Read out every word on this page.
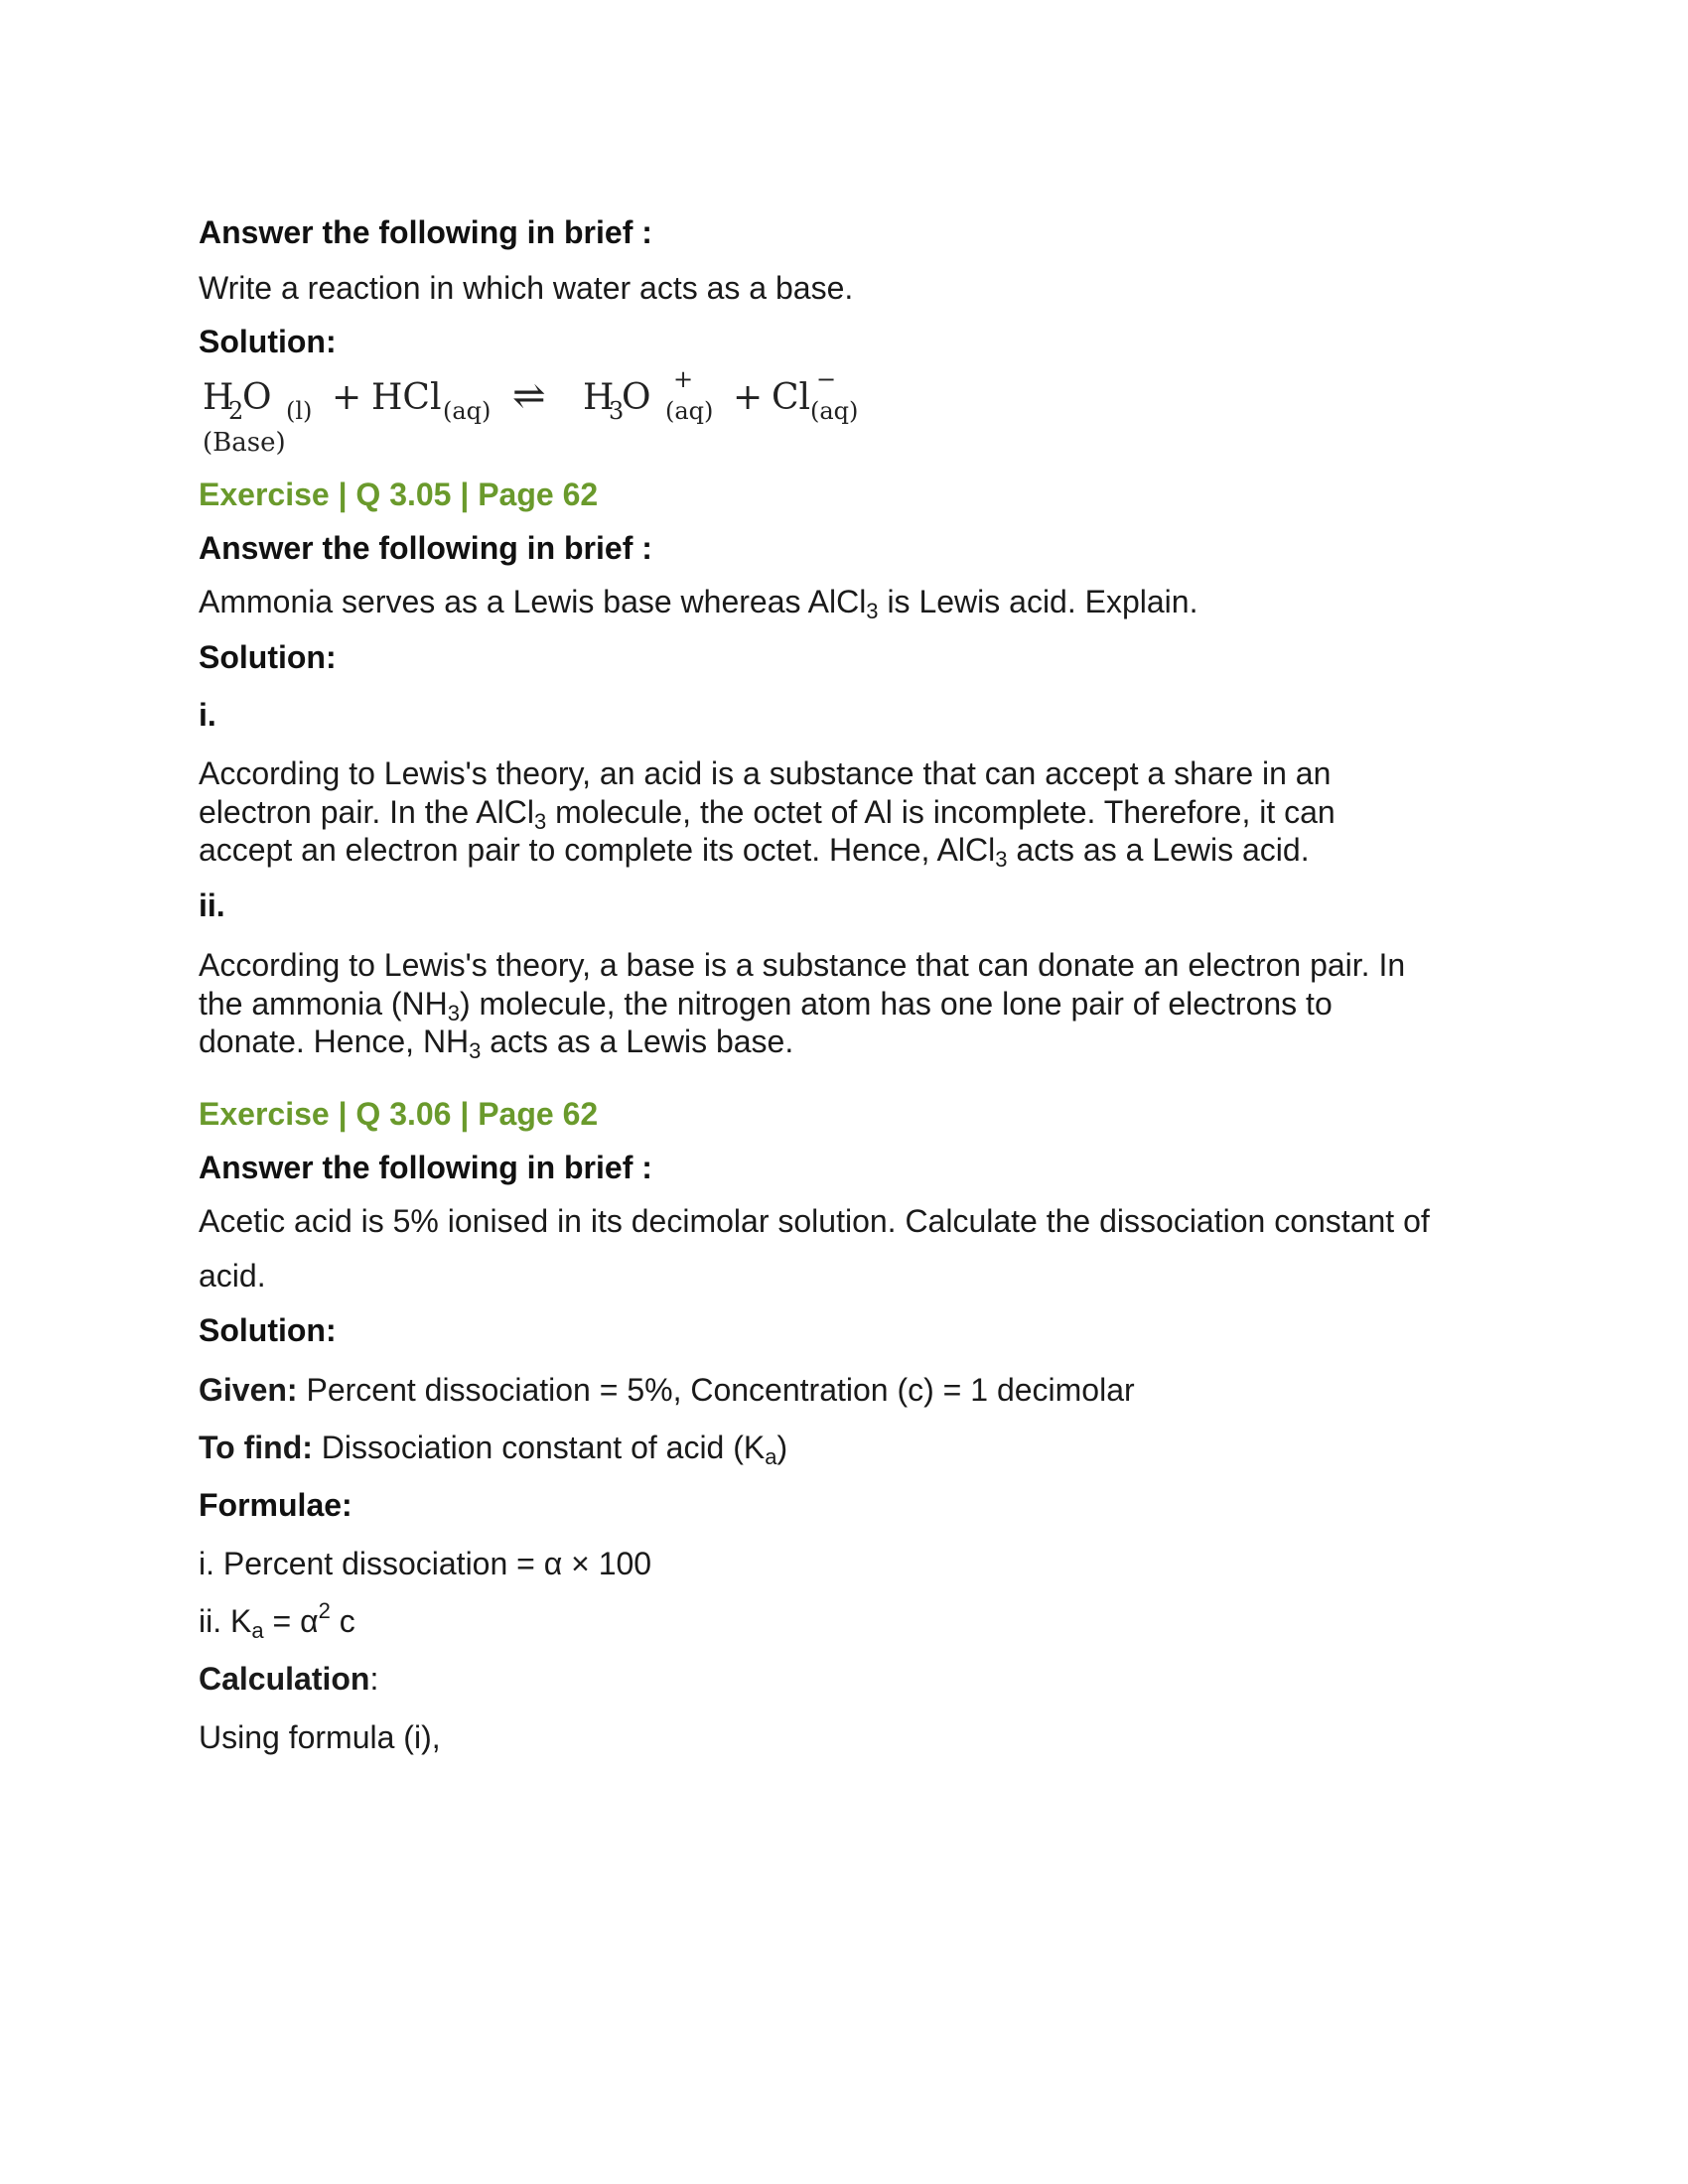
Answer the following in brief :
Write a reaction in which water acts as a base.
Solution:
H
2
O (l)
(Base)
+ HCl (aq) ⇌ H
3
O +
(aq) + Cl −
(aq)
Exercise | Q 3.05 | Page 62
Answer the following in brief :
Ammonia serves as a Lewis base whereas AlCl$_3$ is Lewis acid. Explain.
Solution:
i.
According to Lewis's theory, an acid is a substance that can accept a share in an
electron pair. In the AlCl$_3$ molecule, the octet of Al is incomplete. Therefore, it can
accept an electron pair to complete its octet. Hence, AlCl$_3$ acts as a Lewis acid.
ii.
According to Lewis's theory, a base is a substance that can donate an electron pair. In
the ammonia $(NH_3)$ molecule, the nitrogen atom has one lone pair of electrons to
donate. Hence, $NH_3$ acts as a Lewis base.
Exercise | Q 3.06 | Page 62
Answer the following in brief :
Acetic acid is 5% ionised in its decimolar solution. Calculate the dissociation constant of
acid.
Solution:
Given: Percent dissociation = 5%, Concentration (c) = 1 decimolar
To find: Dissociation constant of acid $(K_a)$
Formulae:
i. Percent dissociation = α × 100
ii. $K_a = \alpha^2$ c
Calculation:
Using formula (i),
